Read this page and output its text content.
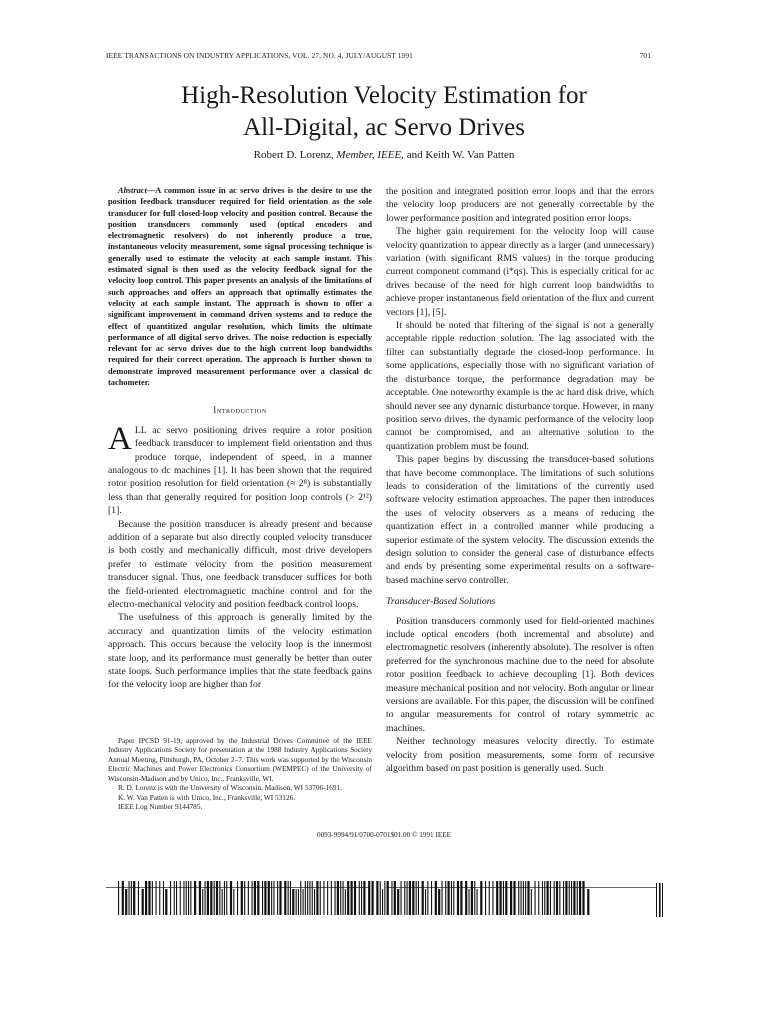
IEEE TRANSACTIONS ON INDUSTRY APPLICATIONS, VOL. 27, NO. 4, JULY/AUGUST 1991	701
High-Resolution Velocity Estimation for
All-Digital, ac Servo Drives
Robert D. Lorenz, Member, IEEE, and Keith W. Van Patten

Abstract—A common issue in ac servo drives is the desire to use the position feedback transducer required for field orientation as the sole transducer for full closed-loop velocity and position control. Because the position transducers commonly used (optical encoders and electromagnetic resolvers) do not inherently produce a true, instantaneous velocity measurement, some signal processing technique is generally used to estimate the velocity at each sample instant. This estimated signal is then used as the velocity feedback signal for the velocity loop control. This paper presents an analysis of the limitations of such approaches and offers an approach that optimally estimates the velocity at each sample instant. The approach is shown to offer a significant improvement in command driven systems and to reduce the effect of quantitized angular resolution, which limits the ultimate performance of all digital servo drives. The noise reduction is especially relevant for ac servo drives due to the high current loop bandwidths required for their correct operation. The approach is further shown to demonstrate improved measurement performance over a classical dc tachometer.

Introduction

ALL ac servo positioning drives require a rotor position feedback transducer to implement field orientation and thus produce torque, independent of speed, in a manner analogous to dc machines [1]. It has been shown that the required rotor position resolution for field orientation (≈ 2⁸) is substantially less than that generally required for position loop controls (> 2¹²) [1].

Because the position transducer is already present and because addition of a separate but also directly coupled velocity transducer is both costly and mechanically difficult, most drive developers prefer to estimate velocity from the position measurement transducer signal. Thus, one feedback transducer suffices for both the field-oriented electromagnetic machine control and for the electro-mechanical velocity and position feedback control loops.

The usefulness of this approach is generally limited by the accuracy and quantization limits of the velocity estimation approach. This occurs because the velocity loop is the innermost state loop, and its performance must generally be better than outer state loops. Such performance implies that the state feedback gains for the velocity loop are higher than for

Paper IPCSD 91-19, approved by the Industrial Drives Committee of the IEEE Industry Applications Society for presentation at the 1988 Industry Applications Society Annual Meeting, Pittsburgh, PA, October 2–7. This work was supported by the Wisconsin Electric Machines and Power Electronics Consortium (WEMPEC) of the University of Wisconsin-Madison and by Unico, Inc., Franksville, WI.

R. D. Lorenz is with the University of Wisconsin, Madison, WI 53706-1691.

K. W. Van Patten is with Unico, Inc., Franksville, WI 53126.

IEEE Log Number 9144785.

the position and integrated position error loops and that the errors the velocity loop producers are not generally correctable by the lower performance position and integrated position error loops.

The higher gain requirement for the velocity loop will cause velocity quantization to appear directly as a larger (and unnecessary) variation (with significant RMS values) in the torque producing current component command (i*qs). This is especially critical for ac drives because of the need for high current loop bandwidths to achieve proper instantaneous field orientation of the flux and current vectors [1], [5].

It should be noted that filtering of the signal is not a generally acceptable ripple reduction solution. The lag associated with the filter can substantially degrade the closed-loop performance. In some applications, especially those with no significant variation of the disturbance torque, the performance degradation may be acceptable. One noteworthy example is the ac hard disk drive, which should never see any dynamic disturbance torque. However, in many position servo drives, the dynamic performance of the velocity loop cannot be compromised, and an alternative solution to the quantization problem must be found.

This paper begins by discussing the transducer-based solutions that have become commonplace. The limitations of such solutions leads to consideration of the limitations of the currently used software velocity estimation approaches. The paper then introduces the uses of velocity observers as a means of reducing the quantization effect in a controlled manner while producing a superior estimate of the system velocity. The discussion extends the design solution to consider the general case of disturbance effects and ends by presenting some experimental results on a software-based machine servo controller.

Transducer-Based Solutions

Position transducers commonly used for field-oriented machines include optical encoders (both incremental and absolute) and electromagnetic resolvers (inherently absolute). The resolver is often preferred for the synchronous machine due to the need for absolute rotor position feedback to achieve decoupling [1]. Both devices measure mechanical position and not velocity. Both angular or linear versions are available. For this paper, the discussion will be confined to angular measurements for control of rotary symmetric ac machines.

Neither technology measures velocity directly. To estimate velocity from position measurements, some form of recursive algorithm based on past position is generally used. Such

0093-9994/91/0700-0701$01.00 © 1991 IEEE
